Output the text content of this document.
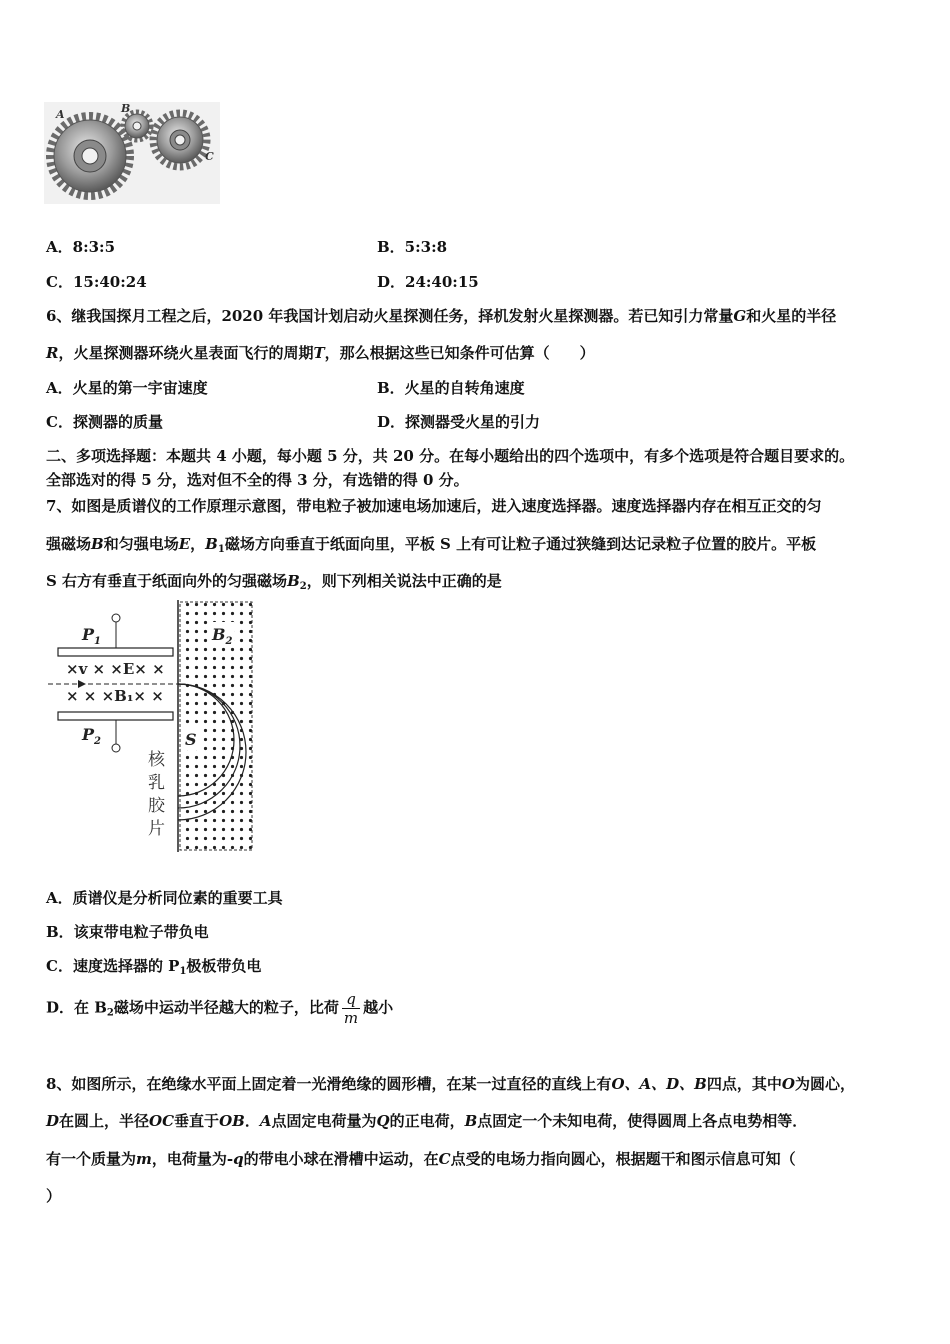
A	B
C
A．8:3:5	B．5:3:8
C．15:40:24	D．24:40:15
6、继我国探月工程之后，2020 年我国计划启动火星探测任务，择机发射火星探测器。若已知引力常量G和火星的半径
R，火星探测器环绕火星表面飞行的周期T，那么根据这些已知条件可估算（　　）
A．火星的第一宇宙速度	B．火星的自转角速度
C．探测器的质量	D．探测器受火星的引力
二、多项选择题：本题共 4 小题，每小题 5 分，共 20 分。在每小题给出的四个选项中，有多个选项是符合题目要求的。
全部选对的得 5 分，选对但不全的得 3 分，有选错的得 0 分。
7、如图是质谱仪的工作原理示意图，带电粒子被加速电场加速后，进入速度选择器。速度选择器内存在相互正交的匀
强磁场B和匀强电场E，$B_1$磁场方向垂直于纸面向里，平板 S 上有可让粒子通过狭缝到达记录粒子位置的胶片。平板
S 右方有垂直于纸面向外的匀强磁场$B_2$，则下列相关说法中正确的是
$P_1$
$P_2$
$B_2$
S
×v × ×E× ×
× × ×B₁× ×
核
乳
胶
片
A．质谱仪是分析同位素的重要工具
B．该束带电粒子带负电
C．速度选择器的 $P_1$极板带负电
D．在 $B_2$磁场中运动半径越大的粒子，比荷 $\frac{q}{m}$ 越小
8、如图所示，在绝缘水平面上固定着一光滑绝缘的圆形槽，在某一过直径的直线上有O、A、D、B四点，其中O为圆心，
D在圆上，半径OC垂直于OB．A点固定电荷量为Q的正电荷，B点固定一个未知电荷，使得圆周上各点电势相等．
有一个质量为m，电荷量为-q的带电小球在滑槽中运动，在C点受的电场力指向圆心，根据题干和图示信息可知（
）
